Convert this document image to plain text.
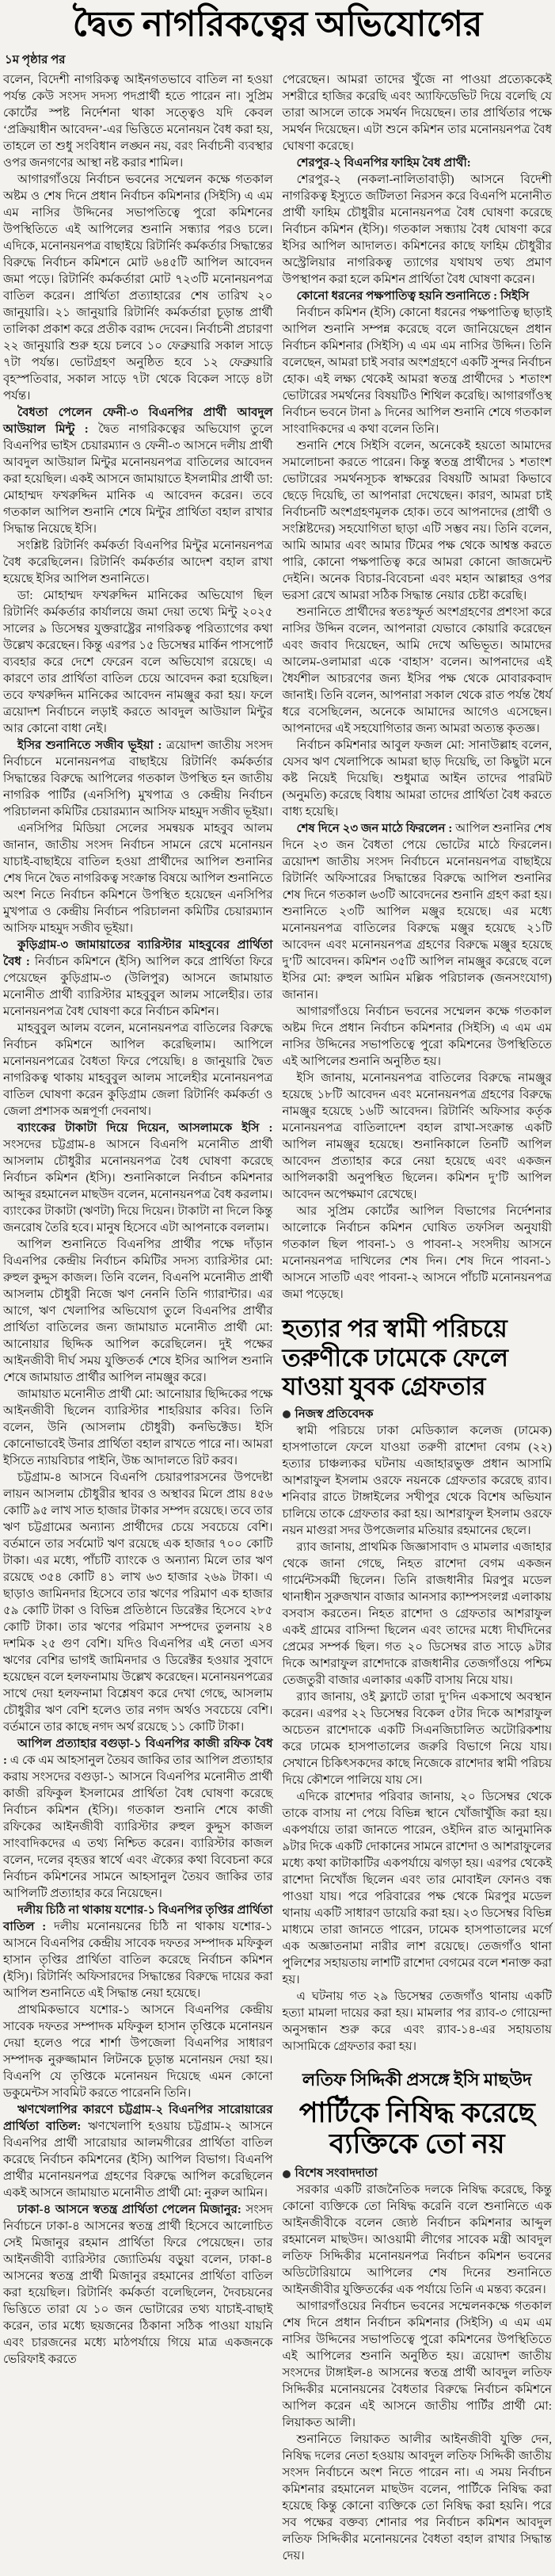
দ্বৈত নাগরিকত্বের অভিযোগের
১ম পৃষ্ঠার পর

বলেন, বিদেশী নাগরিকত্ব আইনগতভাবে বাতিল না হওয়া পর্যন্ত কেউ সংসদ সদস্য পদপ্রার্থী হতে পারেন না। সুপ্রিম কোর্টের স্পষ্ট নির্দেশনা থাকা সত্ত্বেও যদি কেবল ‘প্রক্রিয়াধীন আবেদন’-এর ভিত্তিতে মনোনয়ন বৈধ করা হয়, তাহলে তা শুধু সংবিধান লঙ্ঘন নয়, বরং নির্বাচনী ব্যবস্থার ওপর জনগণের আস্থা নষ্ট করার শামিল।

আগারগাঁওয়ে নির্বাচন ভবনের সম্মেলন কক্ষে গতকাল অষ্টম ও শেষ দিনে প্রধান নির্বাচন কমিশনার (সিইসি) এ এম এম নাসির উদ্দিনের সভাপতিত্বে পুরো কমিশনের উপস্থিতিতে এই আপিলের শুনানি সন্ধ্যার পরও চলে। এদিকে, মনোনয়নপত্র বাছাইয়ে রিটার্নিং কর্মকর্তার সিদ্ধান্তের বিরুদ্ধে নির্বাচন কমিশনে মোট ৬৪৫টি আপিল আবেদন জমা পড়ে। রিটার্নিং কর্মকর্তারা মোট ৭২৩টি মনোনয়নপত্র বাতিল করেন। প্রার্থিতা প্রত্যাহারের শেষ তারিখ ২০ জানুয়ারি। ২১ জানুয়ারি রিটার্নিং কর্মকর্তারা চূড়ান্ত প্রার্থী তালিকা প্রকাশ করে প্রতীক বরাদ্দ দেবেন। নির্বাচনী প্রচারণা ২২ জানুয়ারি শুরু হয়ে চলবে ১০ ফেব্রুয়ারি সকাল সাড়ে ৭টা পর্যন্ত। ভোটগ্রহণ অনুষ্ঠিত হবে ১২ ফেব্রুয়ারি বৃহস্পতিবার, সকাল সাড়ে ৭টা থেকে বিকেল সাড়ে ৪টা পর্যন্ত।

বৈধতা পেলেন ফেনী-৩ বিএনপির প্রার্থী আবদুল আউয়াল মিন্টু : দ্বৈত নাগরিকত্বের অভিযোগ তুলে বিএনপির ভাইস চেয়ারম্যান ও ফেনী-৩ আসনে দলীয় প্রার্থী আবদুল আউয়াল মিন্টুর মনোনয়নপত্র বাতিলের আবেদন করা হয়েছিল। একই আসনে জামায়াতে ইসলামীর প্রার্থী ডা: মোহাম্মদ ফখরুদ্দিন মানিক এ আবেদন করেন। তবে গতকাল আপিল শুনানি শেষে মিন্টুর প্রার্থিতা বহাল রাখার সিদ্ধান্ত নিয়েছে ইসি।

সংশ্লিষ্ট রিটার্নিং কর্মকর্তা বিএনপির মিন্টুর মনোনয়নপত্র বৈধ করেছিলেন। রিটার্নিং কর্মকর্তার আদেশ বহাল রাখা হয়েছে ইসির আপিল শুনানিতে।

ডা: মোহাম্মদ ফখরুদ্দিন মানিকের অভিযোগ ছিল রিটার্নিং কর্মকর্তার কার্যালয়ে জমা দেয়া তথ্যে মিন্টু ২০২৫ সালের ৯ ডিসেম্বর যুক্তরাষ্ট্রের নাগরিকত্ব পরিত্যাগের কথা উল্লেখ করেছেন। কিন্তু এরপর ১৫ ডিসেম্বর মার্কিন পাসপোর্ট ব্যবহার করে দেশে ফেরেন বলে অভিযোগ রয়েছে। এ কারণে তার প্রার্থিতা বাতিল চেয়ে আবেদন করা হয়েছিল। তবে ফখরুদ্দিন মানিকের আবেদন নামঞ্জুর করা হয়। ফলে ত্রয়োদশ নির্বাচনে লড়াই করতে আবদুল আউয়াল মিন্টুর আর কোনো বাধা নেই।

ইসির শুনানিতে সজীব ভূইয়া : ত্রয়োদশ জাতীয় সংসদ নির্বাচনে মনোনয়নপত্র বাছাইয়ে রিটার্নিং কর্মকর্তার সিদ্ধান্তের বিরুদ্ধে আপিলের গতকাল উপস্থিত হন জাতীয় নাগরিক পার্টির (এনসিপি) মুখপাত্র ও কেন্দ্রীয় নির্বাচন পরিচালনা কমিটির চেয়ারম্যান আসিফ মাহমুদ সজীব ভূইয়া।

এনসিপির মিডিয়া সেলের সমন্বয়ক মাহবুব আলম জানান, জাতীয় সংসদ নির্বাচন সামনে রেখে মনোনয়ন যাচাই-বাছাইয়ে বাতিল হওয়া প্রার্থীদের আপিল শুনানির শেষ দিনে দ্বৈত নাগরিকত্ব সংক্রান্ত বিষয়ে আপিল শুনানিতে অংশ নিতে নির্বাচন কমিশনে উপস্থিত হয়েছেন এনসিপির মুখপাত্র ও কেন্দ্রীয় নির্বাচন পরিচালনা কমিটির চেয়ারম্যান আসিফ মাহমুদ সজীব ভূইয়া।

কুড়িগ্রাম-৩ জামায়াতের ব্যারিস্টার মাহবুবের প্রার্থিতা বৈধ : নির্বাচন কমিশনে (ইসি) আপিল করে প্রার্থিতা ফিরে পেয়েছেন কুড়িগ্রাম-৩ (উলিপুর) আসনে জামায়াত মনোনীত প্রার্থী ব্যারিস্টার মাহবুবুল আলম সালেহীর। তার মনোনয়নপত্র বৈধ ঘোষণা করে নির্বাচন কমিশন।

মাহবুবুল আলম বলেন, মনোনয়নপত্র বাতিলের বিরুদ্ধে নির্বাচন কমিশনে আপিল করেছিলাম। আপিলে মনোনয়নপত্রের বৈধতা ফিরে পেয়েছি। ৪ জানুয়ারি দ্বৈত নাগরিকত্ব থাকায় মাহবুবুল আলম সালেহীর মনোনয়নপত্র বাতিল ঘোষণা করেন কুড়িগ্রাম জেলা রিটার্নিং কর্মকর্তা ও জেলা প্রশাসক অন্নপূর্ণা দেবনাথ।

ব্যাংকের টাকাটা দিয়ে দিয়েন, আসলামকে ইসি : সংসদের চট্টগ্রাম-৪ আসনে বিএনপি মনোনীত প্রার্থী আসলাম চৌধুরীর মনোনয়নপত্র বৈধ ঘোষণা করেছে নির্বাচন কমিশন (ইসি)। শুনানিকালে নির্বাচন কমিশনার আব্দুর রহমানেল মাছউদ বলেন, মনোনয়নপত্র বৈধ করলাম। ব্যাংকের টাকাটা (ঋণটা) দিয়ে দিয়েন। টাকাটা না দিলে কিন্তু জনরোষ তৈরি হবে। মানুষ হিসেবে এটা আপনাকে বললাম।

আপিল শুনানিতে বিএনপির প্রার্থীর পক্ষে দাঁড়ান বিএনপির কেন্দ্রীয় নির্বাচন কমিটির সদস্য ব্যারিস্টার মো: রুহুল কুদ্দুস কাজল। তিনি বলেন, বিএনপি মনোনীত প্রার্থী আসলাম চৌধুরী নিজে ঋণ নেননি তিনি গ্যারান্টার। এর আগে, ঋণ খেলাপির অভিযোগ তুলে বিএনপির প্রার্থীর প্রার্থিতা বাতিলের জন্য জামায়াত মনোনীত প্রার্থী মো: আনোয়ার ছিদ্দিক আপিল করেছিলেন। দুই পক্ষের আইনজীবী দীর্ঘ সময় যুক্তিতর্ক শেষে ইসির আপিল শুনানি শেষে জামায়াত প্রার্থীর আপিল নামঞ্জুর করে।

জামায়াত মনোনীত প্রার্থী মো: আনোয়ার ছিদ্দিকের পক্ষে আইনজীবী ছিলেন ব্যারিস্টার শাহরিয়ার কবির। তিনি বলেন, উনি (আসলাম চৌধুরী) কনভিক্টেড। ইসি কোনোভাবেই উনার প্রার্থিতা বহাল রাখতে পারে না। আমরা ইসিতে ন্যায়বিচার পাইনি, উচ্চ আদালতে রিট করব।

চট্টগ্রাম-৪ আসনে বিএনপি চেয়ারপারসনের উপদেষ্টা লায়ন আসলাম চৌধুরীর স্থাবর ও অস্থাবর মিলে প্রায় ৪৫৬ কোটি ৯৫ লাখ সাত হাজার টাকার সম্পদ রয়েছে। তবে তার ঋণ চট্টগ্রামের অন্যান্য প্রার্থীদের চেয়ে সবচেয়ে বেশি। বর্তমানে তার সর্বমোট ঋণ রয়েছে এক হাজার ৭০০ কোটি টাকা। এর মধ্যে, পাঁচটি ব্যাংকে ও অন্যান্য মিলে তার ঋণ রয়েছে ৩৫৪ কোটি ৪১ লাখ ৬৩ হাজার ২৬৯ টাকা। এ ছাড়াও জামিনদার হিসেবে তার ঋণের পরিমাণ এক হাজার ৫৯ কোটি টাকা ও বিভিন্ন প্রতিষ্ঠানে ডিরেক্টর হিসেবে ২৮৫ কোটি টাকা। তার ঋণের পরিমাণ সম্পদের তুলনায় ২৪ দশমিক ২৫ গুণ বেশি। যদিও বিএনপির এই নেতা এসব ঋণের বেশির ভাগই জামিনদার ও ডিরেক্টর হওয়ার সুবাদে হয়েছেন বলে হলফনামায় উল্লেখ করেছেন। মনোনয়নপত্রের সাথে দেয়া হলফনামা বিশ্লেষণ করে দেখা গেছে, আসলাম চৌধুরীর ঋণ বেশি হলেও তার নগদ অর্থও সবচেয়ে বেশি। বর্তমানে তার কাছে নগদ অর্থ রয়েছে ১১ কোটি টাকা।

আপিল প্রত্যাহার বগুড়া-১ বিএনপির কাজী রফিক বৈধ : এ কে এম আহসানুল তৈয়ব জাকির তার আপিল প্রত্যাহার করায় সংসদের বগুড়া-১ আসনে বিএনপির মনোনীত প্রার্থী কাজী রফিকুল ইসলামের প্রার্থিতা বৈধ ঘোষণা করেছে নির্বাচন কমিশন (ইসি)। গতকাল শুনানি শেষে কাজী রফিকের আইনজীবী ব্যারিস্টার রুহুল কুদ্দুস কাজল সাংবাদিকদের এ তথ্য নিশ্চিত করেন। ব্যারিস্টার কাজল বলেন, দলের বৃহত্তর স্বার্থে এবং ঐক্যের কথা বিবেচনা করে নির্বাচন কমিশনের সামনে আহসানুল তৈয়ব জাকির তার আপিলটি প্রত্যাহার করে নিয়েছেন।

দলীয় চিঠি না থাকায় যশোর-১ বিএনপির তৃপ্তির প্রার্থিতা বাতিল : দলীয় মনোনয়নের চিঠি না থাকায় যশোর-১ আসনে বিএনপির কেন্দ্রীয় সাবেক দফতর সম্পাদক মফিকুল হাসান তৃপ্তির প্রার্থিতা বাতিল করেছে নির্বাচন কমিশন (ইসি)। রিটার্নিং অফিসারদের সিদ্ধান্তের বিরুদ্ধে দায়ের করা আপিল শুনানিতে এই সিদ্ধান্ত নেয়া হয়েছে।

প্রাথমিকভাবে যশোর-১ আসনে বিএনপির কেন্দ্রীয় সাবেক দফতর সম্পাদক মফিকুল হাসান তৃপ্তিকে মনোনয়ন দেয়া হলেও পরে শার্শা উপজেলা বিএনপির সাধারণ সম্পাদক নুরুজ্জামান লিটনকে চূড়ান্ত মনোনয়ন দেয়া হয়। বিএনপি যে তৃপ্তিকে মনোনয়ন দিয়েছে এমন কোনো ডকুমেন্টস সাবমিট করতে পারেননি তিনি।

ঋণখেলাপির কারণে চট্টগ্রাম-২ বিএনপির সারোয়ারের প্রার্থিতা বাতিল: ঋণখেলাপি হওয়ায় চট্টগ্রাম-২ আসনে বিএনপির প্রার্থী সারোয়ার আলমগীরের প্রার্থিতা বাতিল করেছে নির্বাচন কমিশনের (ইসি) আপিল বিভাগ। বিএনপি প্রার্থীর মনোনয়নপত্র গ্রহণের বিরুদ্ধে আপিল করেছিলেন একই আসনে জামায়াত মনোনীত প্রার্থী মো: নুরুল আমিন।

ঢাকা-৪ আসনে স্বতন্ত্র প্রার্থিতা পেলেন মিজানুর: সংসদ নির্বাচনে ঢাকা-৪ আসনের স্বতন্ত্র প্রার্থী হিসেবে আলোচিত সেই মিজানুর রহমান প্রার্থিতা ফিরে পেয়েছেন। তার আইনজীবী ব্যারিস্টার জ্যোতির্ময় বড়ুয়া বলেন, ঢাকা-৪ আসনের স্বতন্ত্র প্রার্থী মিজানুর রহমানের প্রার্থিতা বাতিল করা হয়েছিল। রিটার্নিং কর্মকর্তা বলেছিলেন, দৈবচয়নের ভিত্তিতে তারা যে ১০ জন ভোটারের তথ্য যাচাই-বাছাই করেন, তার মধ্যে ছয়জনের ঠিকানা সঠিক পাওয়া যায়নি এবং চারজনের মধ্যে মাঠপর্যায়ে গিয়ে মাত্র একজনকে ভেরিফাই করতে

পেরেছেন। আমরা তাদের খুঁজে না পাওয়া প্রত্যেককেই সশরীরে হাজির করেছি এবং অ্যাফিডেভিট দিয়ে বলেছি যে তারা আসলে তাকে সমর্থন দিয়েছেন। তার প্রার্থিতার পক্ষে সমর্থন দিয়েছেন। এটা শুনে কমিশন তার মনোনয়নপত্র বৈধ ঘোষণা করেছে।

শেরপুর-২ বিএনপির ফাহিম বৈধ প্রার্থী:

শেরপুর-২ (নকলা-নালিতাবাড়ী) আসনে বিদেশী নাগরিকত্ব ইস্যুতে জটিলতা নিরসন করে বিএনপি মনোনীত প্রার্থী ফাহিম চৌধুরীর মনোনয়নপত্র বৈধ ঘোষণা করেছে নির্বাচন কমিশন (ইসি)। গতকাল সন্ধ্যায় বৈধ ঘোষণা করে ইসির আপিল আদালত। কমিশনের কাছে ফাহিম চৌধুরীর অস্ট্রেলিয়ার নাগরিকত্ব ত্যাগের যথাযথ তথ্য প্রমাণ উপস্থাপন করা হলে কমিশন প্রার্থিতা বৈধ ঘোষণা করেন।

কোনো ধরনের পক্ষপাতিত্ব হয়নি শুনানিতে : সিইসি

নির্বাচন কমিশন (ইসি) কোনো ধরনের পক্ষপাতিত্ব ছাড়াই আপিল শুনানি সম্পন্ন করেছে বলে জানিয়েছেন প্রধান নির্বাচন কমিশনার (সিইসি) এ এম এম নাসির উদ্দিন। তিনি বলেছেন, আমরা চাই সবার অংশগ্রহণে একটি সুন্দর নির্বাচন হোক। এই লক্ষ্য থেকেই আমরা স্বতন্ত্র প্রার্থীদের ১ শতাংশ ভোটারের সমর্থনের বিষয়টিও শিথিল করেছি। আগারগাঁওস্থ নির্বাচন ভবনে টানা ৯ দিনের আপিল শুনানি শেষে গতকাল সাংবাদিকদের এ কথা বলেন তিনি।

শুনানি শেষে সিইসি বলেন, অনেকেই হয়তো আমাদের সমালোচনা করতে পারেন। কিন্তু স্বতন্ত্র প্রার্থীদের ১ শতাংশ ভোটারের সমর্থনসূচক স্বাক্ষরের বিষয়টি আমরা কিভাবে ছেড়ে দিয়েছি, তা আপনারা দেখেছেন। কারণ, আমরা চাই নির্বাচনটি অংশগ্রহণমূলক হোক। তবে আপনাদের (প্রার্থী ও সংশ্লিষ্টদের) সহযোগিতা ছাড়া এটি সম্ভব নয়। তিনি বলেন, আমি আমার এবং আমার টিমের পক্ষ থেকে আশ্বস্ত করতে পারি, কোনো পক্ষপাতিত্ব করে আমরা কোনো জাজমেন্ট দেইনি। অনেক বিচার-বিবেচনা এবং মহান আল্লাহর ওপর ভরসা রেখে আমরা সঠিক সিদ্ধান্ত নেয়ার চেষ্টা করেছি।

শুনানিতে প্রার্থীদের স্বতঃস্ফূর্ত অংশগ্রহণের প্রশংসা করে নাসির উদ্দিন বলেন, আপনারা যেভাবে কোয়ারি করেছেন এবং জবাব দিয়েছেন, আমি দেখে অভিভূত। আমাদের আলেম-ওলামারা একে ‘বাহাস’ বলেন। আপনাদের এই ধৈর্যশীল আচরণের জন্য ইসির পক্ষ থেকে মোবারকবাদ জানাই। তিনি বলেন, আপনারা সকাল থেকে রাত পর্যন্ত ধৈর্য ধরে বসেছিলেন, অনেকে আমাদের আগেও এসেছেন। আপনাদের এই সহযোগিতার জন্য আমরা অত্যন্ত কৃতজ্ঞ।

নির্বাচন কমিশনার আবুল ফজল মো: সানাউল্লাহ বলেন, যেসব ঋণ খেলাপিকে আমরা ছাড় দিয়েছি, তা কিছুটা মনে কষ্ট নিয়েই দিয়েছি। শুধুমাত্র আইন তাদের পারমিট (অনুমতি) করেছে বিধায় আমরা তাদের প্রার্থিতা বৈধ করতে বাধ্য হয়েছি।

শেষ দিনে ২৩ জন মাঠে ফিরলেন : আপিল শুনানির শেষ দিনে ২৩ জন বৈধতা পেয়ে ভোটের মাঠে ফিরলেন। ত্রয়োদশ জাতীয় সংসদ নির্বাচনে মনোনয়নপত্র বাছাইয়ে রিটার্নিং অফিসারের সিদ্ধান্তের বিরুদ্ধে আপিল শুনানির শেষ দিনে গতকাল ৬৩টি আবেদনের শুনানি গ্রহণ করা হয়। শুনানিতে ২৩টি আপিল মঞ্জুর হয়েছে। এর মধ্যে মনোনয়নপত্র বাতিলের বিরুদ্ধে মঞ্জুর হয়েছে ২১টি আবেদন এবং মনোনয়নপত্র গ্রহণের বিরুদ্ধে মঞ্জুর হয়েছে দু’টি আবেদন। কমিশন ৩৫টি আপিল নামঞ্জুর করেছে বলে ইসির মো: রুহুল আমিন মল্লিক পরিচালক (জনসংযোগ) জানান।

আগারগাঁওয়ে নির্বাচন ভবনের সম্মেলন কক্ষে গতকাল অষ্টম দিনে প্রধান নির্বাচন কমিশনার (সিইসি) এ এম এম নাসির উদ্দিনের সভাপতিত্বে পুরো কমিশনের উপস্থিতিতে এই আপিলের শুনানি অনুষ্ঠিত হয়।

ইসি জানায়, মনোনয়নপত্র বাতিলের বিরুদ্ধে নামঞ্জুর হয়েছে ১৮টি আবেদন এবং মনোনয়নপত্র গ্রহণের বিরুদ্ধে নামঞ্জুর হয়েছে ১৬টি আবেদন। রিটার্নিং অফিসার কর্তৃক মনোনয়নপত্র বাতিলাদেশ বহাল রাখা-সংক্রান্ত একটি আপিল নামঞ্জুর হয়েছে। শুনানিকালে তিনটি আপিল আবেদন প্রত্যাহার করে নেয়া হয়েছে এবং একজন আপিলকারী অনুপস্থিত ছিলেন। কমিশন দু’টি আপিল আবেদন অপেক্ষমাণ রেখেছে।

আর সুপ্রিম কোর্টের আপিল বিভাগের নির্দেশনার আলোকে নির্বাচন কমিশন ঘোষিত তফসিল অনুযায়ী গতকাল ছিল পাবনা-১ ও পাবনা-২ সংসদীয় আসনে মনোনয়নপত্র দাখিলের শেষ দিন। শেষ দিনে পাবনা-১ আসনে সাতটি এবং পাবনা-২ আসনে পাঁচটি মনোনয়নপত্র জমা পড়েছে।

হত্যার পর স্বামী পরিচয়ে তরুণীকে ঢামেকে ফেলে যাওয়া যুবক গ্রেফতার

নিজস্ব প্রতিবেদক

স্বামী পরিচয়ে ঢাকা মেডিক্যাল কলেজ (ঢামেক) হাসপাতালে ফেলে যাওয়া তরুণী রাশেদা বেগম (২২) হত্যার চাঞ্চল্যকর ঘটনায় এজাহারভুক্ত প্রধান আসামি আশরাফুল ইসলাম ওরফে নয়নকে গ্রেফতার করেছে র‍্যাব। শনিবার রাতে টাঙ্গাইলের সখীপুর থেকে বিশেষ অভিযান চালিয়ে তাকে গ্রেফতার করা হয়। আশরাফুল ইসলাম ওরফে নয়ন মাগুরা সদর উপজেলার মতিয়ার রহমানের ছেলে।

র‍্যাব জানায়, প্রাথমিক জিজ্ঞাসাবাদ ও মামলার এজাহার থেকে জানা গেছে, নিহত রাশেদা বেগম একজন গার্মেন্টসকর্মী ছিলেন। তিনি রাজধানীর মিরপুর মডেল থানাধীন সুরুজখান বাজার আনসার ক্যাম্পসংলগ্ন এলাকায় বসবাস করতেন। নিহত রাশেদা ও গ্রেফতার আশরাফুল একই গ্রামের বাসিন্দা ছিলেন এবং তাদের মধ্যে দীর্ঘদিনের প্রেমের সম্পর্ক ছিল। গত ২০ ডিসেম্বর রাত সাড়ে ৯টার দিকে আশরাফুল রাশেদাকে রাজধানীর তেজগাঁওয়ে পশ্চিম তেজতুরী বাজার এলাকার একটি বাসায় নিয়ে যায়।

র‍্যাব জানায়, ওই ফ্ল্যাটে তারা দু’দিন একসাথে অবস্থান করেন। এরপর ২২ ডিসেম্বর বিকেল ৫টার দিকে আশরাফুল অচেতন রাশেদাকে একটি সিএনজিচালিত অটোরিকশায় করে ঢামেক হাসপাতালের জরুরি বিভাগে নিয়ে যায়। সেখানে চিকিৎসকদের কাছে নিজেকে রাশেদার স্বামী পরিচয় দিয়ে কৌশলে পালিয়ে যায় সে।

এদিকে রাশেদার পরিবার জানায়, ২০ ডিসেম্বর থেকে তাকে বাসায় না পেয়ে বিভিন্ন স্থানে খোঁজাখুঁজি করা হয়। একপর্যায়ে তারা জানতে পারেন, ওইদিন রাত আনুমানিক ৯টার দিকে একটি দোকানের সামনে রাশেদা ও আশরাফুলের মধ্যে কথা কাটাকাটির একপর্যায়ে ঝগড়া হয়। এরপর থেকেই রাশেদা নিখোঁজ ছিলেন এবং তার মোবাইল ফোনও বন্ধ পাওয়া যায়। পরে পরিবারের পক্ষ থেকে মিরপুর মডেল থানায় একটি সাধারণ ডায়েরি করা হয়। ২৩ ডিসেম্বর বিভিন্ন মাধ্যমে তারা জানতে পারেন, ঢামেক হাসপাতালের মর্গে এক অজ্ঞাতনামা নারীর লাশ রয়েছে। তেজগাঁও থানা পুলিশের সহায়তায় লাশটি রাশেদা বেগমের বলে শনাক্ত করা হয়।

এ ঘটনায় গত ২৯ ডিসেম্বর তেজগাঁও থানায় একটি হত্যা মামলা দায়ের করা হয়। মামলার পর র‍্যাব-৩ গোয়েন্দা অনুসন্ধান শুরু করে এবং র‍্যাব-১৪-এর সহায়তায় আসামিকে গ্রেফতার করা হয়।

লতিফ সিদ্দিকী প্রসঙ্গে ইসি মাছউদ
পার্টিকে নিষিদ্ধ করেছে
ব্যক্তিকে তো নয়

বিশেষ সংবাদদাতা

সরকার একটি রাজনৈতিক দলকে নিষিদ্ধ করেছে, কিন্তু কোনো ব্যক্তিকে তো নিষিদ্ধ করেনি বলে শুনানিতে এক আইনজীবীকে বলেন জ্যেষ্ঠ নির্বাচন কমিশনার আব্দুল রহমানেল মাছউদ। আওয়ামী লীগের সাবেক মন্ত্রী আবদুল লতিফ সিদ্দিকীর মনোনয়নপত্র নির্বাচন কমিশন ভবনের অডিটোরিয়ামে আপিলের শেষ দিনের শুনানিতে আইনজীবীর যুক্তিতর্কের এক পর্যায়ে তিনি এ মন্তব্য করেন।

আগারগাঁওয়ের নির্বাচন ভবনের সম্মেলনকক্ষে গতকাল শেষ দিনে প্রধান নির্বাচন কমিশনার (সিইসি) এ এম এম নাসির উদ্দিনের সভাপতিত্বে পুরো কমিশনের উপস্থিতিতে এই আপিলের শুনানি অনুষ্ঠিত হয়। ত্রয়োদশ জাতীয় সংসদের টাঙ্গাইল-৪ আসনের স্বতন্ত্র প্রার্থী আবদুল লতিফ সিদ্দিকীর মনোনয়নের বৈধতার বিরুদ্ধে নির্বাচন কমিশনে আপিল করেন এই আসনে জাতীয় পার্টির প্রার্থী মো: লিয়াকত আলী।

শুনানিতে লিয়াকত আলীর আইনজীবী যুক্তি দেন, নিষিদ্ধ দলের নেতা হওয়ায় আবদুল লতিফ সিদ্দিকী জাতীয় সংসদ নির্বাচনে অংশ নিতে পারেন না। এ সময় নির্বাচন কমিশনার রহমানেল মাছউদ বলেন, পার্টিকে নিষিদ্ধ করা হয়েছে কিন্তু কোনো ব্যক্তিকে তো নিষিদ্ধ করা হয়নি। পরে সব পক্ষের বক্তব্য শোনার পর নির্বাচন কমিশন আবদুল লতিফ সিদ্দিকীর মনোনয়নের বৈধতা বহাল রাখার সিদ্ধান্ত দেয়।
